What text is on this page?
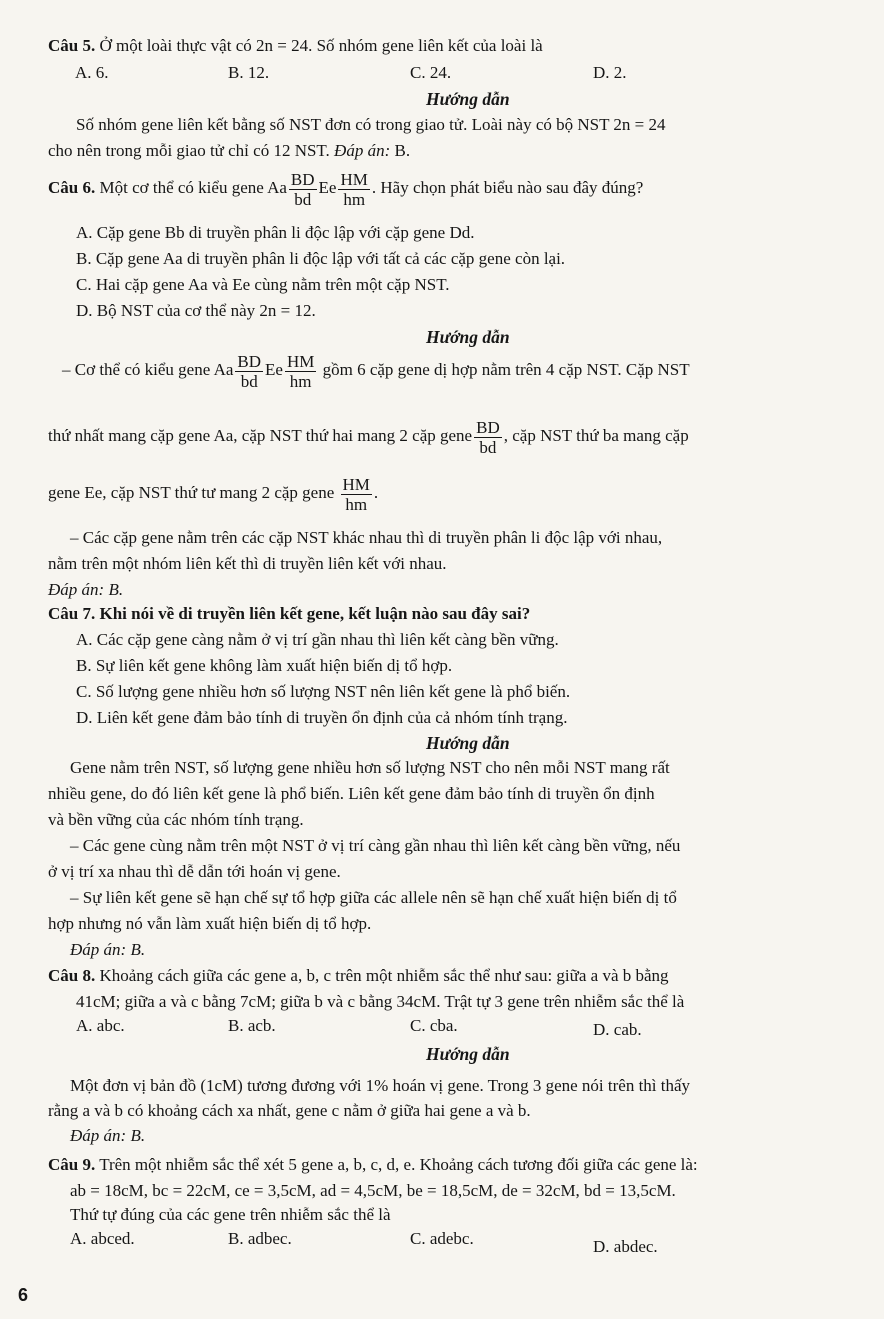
Câu 5. Ở một loài thực vật có 2n = 24. Số nhóm gene liên kết của loài là
A. 6.	B. 12.	C. 24.	D. 2.
Hướng dẫn
Số nhóm gene liên kết bằng số NST đơn có trong giao tử. Loài này có bộ NST 2n = 24
cho nên trong mỗi giao tử chỉ có 12 NST. Đáp án: B.
Câu 6. Một cơ thể có kiểu gene Aa $\frac{BD}{bd}$ Ee $\frac{HM}{hm}$ . Hãy chọn phát biểu nào sau đây đúng?
A. Cặp gene Bb di truyền phân li độc lập với cặp gene Dd.
B. Cặp gene Aa di truyền phân li độc lập với tất cả các cặp gene còn lại.
C. Hai cặp gene Aa và Ee cùng nằm trên một cặp NST.
D. Bộ NST của cơ thể này 2n = 12.
Hướng dẫn
– Cơ thể có kiểu gene Aa $\frac{BD}{bd}$ Ee $\frac{HM}{hm}$ gồm 6 cặp gene dị hợp nằm trên 4 cặp NST. Cặp NST
thứ nhất mang cặp gene Aa, cặp NST thứ hai mang 2 cặp gene $\frac{BD}{bd}$ , cặp NST thứ ba mang cặp
gene Ee, cặp NST thứ tư mang 2 cặp gene $\frac{HM}{hm}$ .
– Các cặp gene nằm trên các cặp NST khác nhau thì di truyền phân li độc lập với nhau,
nằm trên một nhóm liên kết thì di truyền liên kết với nhau.
Đáp án: B.
Câu 7. Khi nói về di truyền liên kết gene, kết luận nào sau đây sai?
A. Các cặp gene càng nằm ở vị trí gần nhau thì liên kết càng bền vững.
B. Sự liên kết gene không làm xuất hiện biến dị tổ hợp.
C. Số lượng gene nhiều hơn số lượng NST nên liên kết gene là phổ biến.
D. Liên kết gene đảm bảo tính di truyền ổn định của cả nhóm tính trạng.
Hướng dẫn
Gene nằm trên NST, số lượng gene nhiều hơn số lượng NST cho nên mỗi NST mang rất
nhiều gene, do đó liên kết gene là phổ biến. Liên kết gene đảm bảo tính di truyền ổn định
và bền vững của các nhóm tính trạng.
– Các gene cùng nằm trên một NST ở vị trí càng gần nhau thì liên kết càng bền vững, nếu
ở vị trí xa nhau thì dễ dẫn tới hoán vị gene.
– Sự liên kết gene sẽ hạn chế sự tổ hợp giữa các allele nên sẽ hạn chế xuất hiện biến dị tổ
hợp nhưng nó vẫn làm xuất hiện biến dị tổ hợp.
Đáp án: B.
Câu 8. Khoảng cách giữa các gene a, b, c trên một nhiễm sắc thể như sau: giữa a và b bằng
41cM; giữa a và c bằng 7cM; giữa b và c bằng 34cM. Trật tự 3 gene trên nhiễm sắc thể là
A. abc.	B. acb.	C. cba.	D. cab.
Hướng dẫn
Một đơn vị bản đồ (1cM) tương đương với 1% hoán vị gene. Trong 3 gene nói trên thì thấy
rằng a và b có khoảng cách xa nhất, gene c nằm ở giữa hai gene a và b.
Đáp án: B.
Câu 9. Trên một nhiễm sắc thể xét 5 gene a, b, c, d, e. Khoảng cách tương đối giữa các gene là:
ab = 18cM, bc = 22cM, ce = 3,5cM, ad = 4,5cM, be = 18,5cM, de = 32cM, bd = 13,5cM.
Thứ tự đúng của các gene trên nhiễm sắc thể là
A. abced.	B. adbec.	C. adebc.	D. abdec.
6
